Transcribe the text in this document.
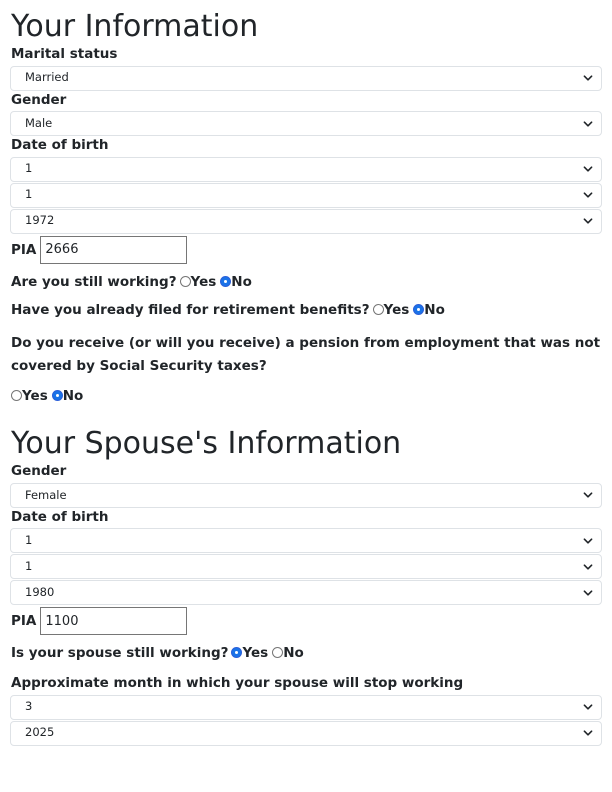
Your Information
Marital status
Married
Gender
Male
Date of birth
1
1
1972
PIA
2666
Are you still working? Yes No
Have you already filed for retirement benefits? Yes No
Do you receive (or will you receive) a pension from employment that was not covered by Social Security taxes?
Yes No
Your Spouse's Information
Gender
Female
Date of birth
1
1
1980
PIA
1100
Is your spouse still working? Yes No
Approximate month in which your spouse will stop working
3
2025
